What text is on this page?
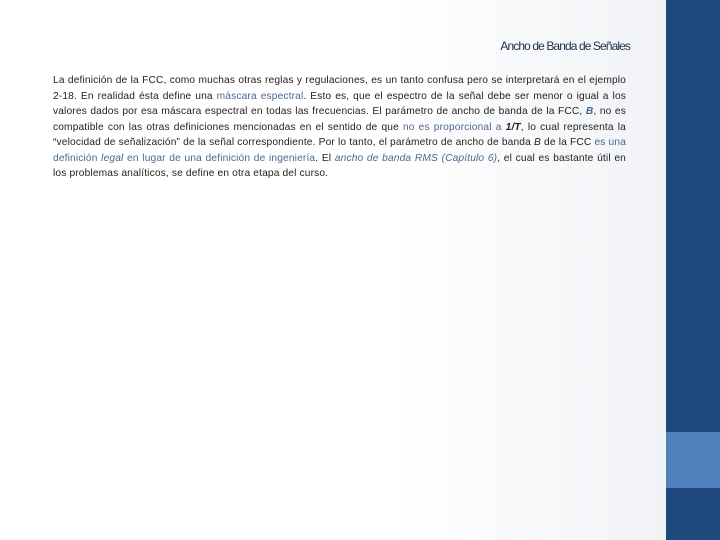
Ancho de Banda de Señales

La definición de la FCC, como muchas otras reglas y regulaciones, es un tanto confusa pero se interpretará en el ejemplo 2-18. En realidad ésta define una máscara espectral. Esto es, que el espectro de la señal debe ser menor o igual a los valores dados por esa máscara espectral en todas las frecuencias. El parámetro de ancho de banda de la FCC, B, no es compatible con las otras definiciones mencionadas en el sentido de que no es proporcional a 1/T, lo cual representa la “velocidad de señalización” de la señal correspondiente. Por lo tanto, el parámetro de ancho de banda B de la FCC es una definición legal en lugar de una definición de ingeniería. El ancho de banda RMS (Capítulo 6), el cual es bastante útil en los problemas analíticos, se define en otra etapa del curso.
